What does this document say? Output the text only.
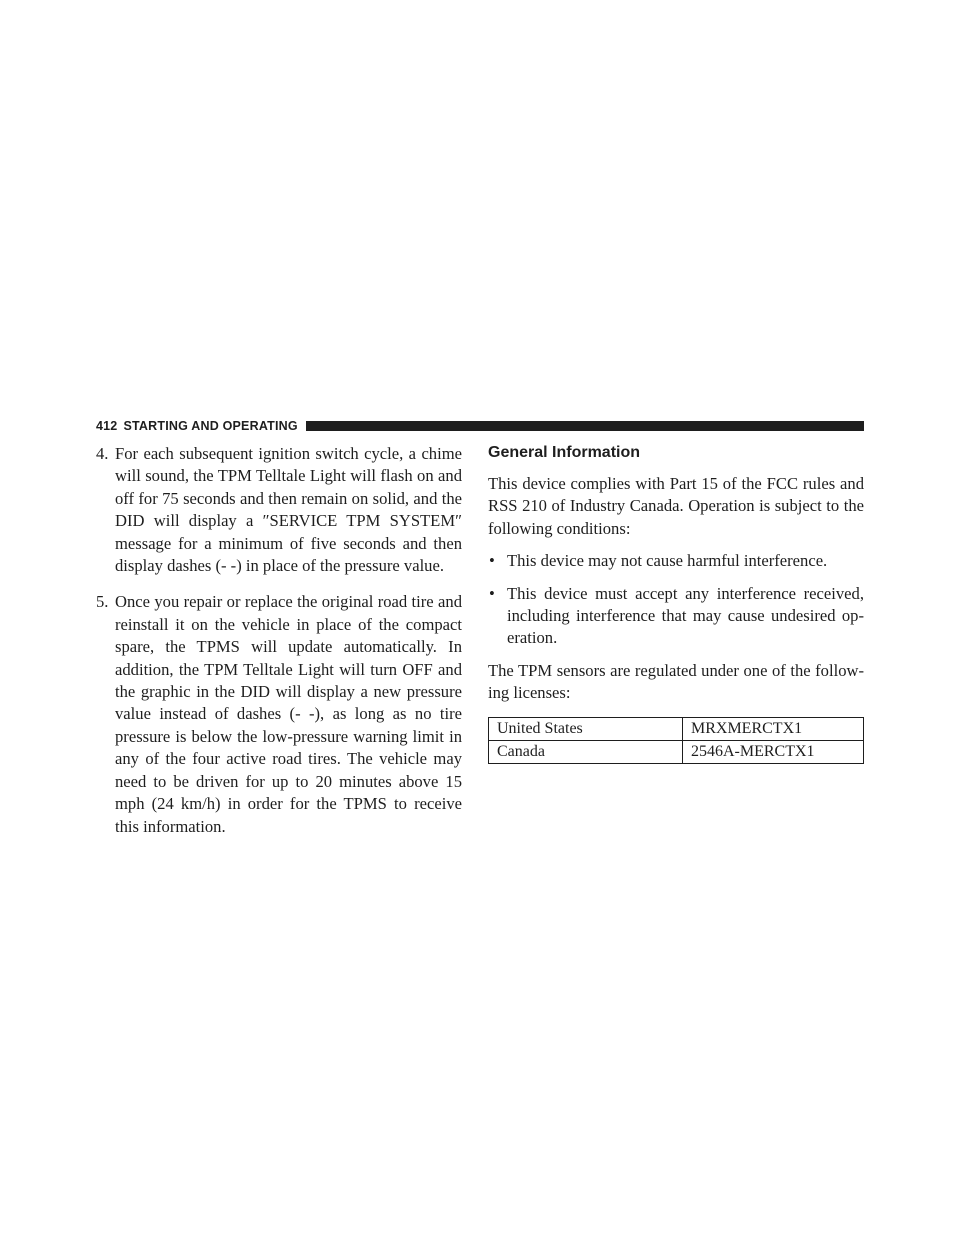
412 STARTING AND OPERATING
4. For each subsequent ignition switch cycle, a chime will sound, the TPM Telltale Light will flash on and off for 75 seconds and then remain on solid, and the DID will display a ″SERVICE TPM SYSTEM″ message for a minimum of five seconds and then display dashes (- -) in place of the pressure value.
5. Once you repair or replace the original road tire and reinstall it on the vehicle in place of the compact spare, the TPMS will update automatically. In addition, the TPM Telltale Light will turn OFF and the graphic in the DID will display a new pressure value instead of dashes (- -), as long as no tire pressure is below the low-pressure warning limit in any of the four active road tires. The vehicle may need to be driven for up to 20 minutes above 15 mph (24 km/h) in order for the TPMS to receive this information.
General Information

This device complies with Part 15 of the FCC rules and RSS 210 of Industry Canada. Operation is subject to the following conditions:

• This device may not cause harmful interference.
• This device must accept any interference received, including interference that may cause undesired op-eration.

The TPM sensors are regulated under one of the follow-ing licenses:

United States	MRXMERCTX1
Canada	2546A-MERCTX1
